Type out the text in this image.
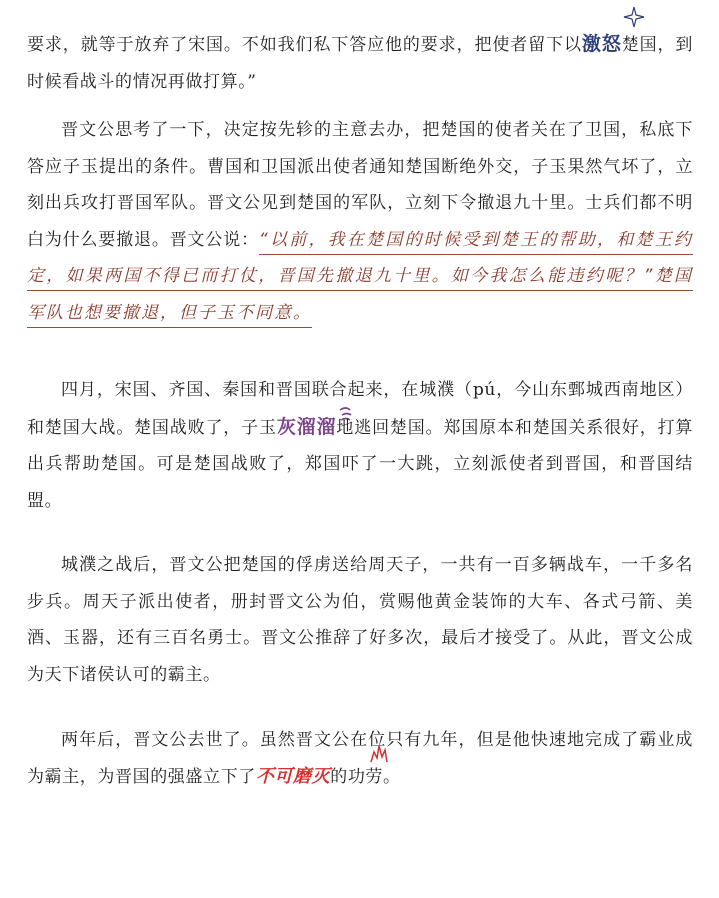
要求，就等于放弃了宋国。不如我们私下答应他的要求，把使者留下以激怒楚国，到时候看战斗的情况再做打算。”

晋文公思考了一下，决定按先轸的主意去办，把楚国的使者关在了卫国，私底下答应子玉提出的条件。曹国和卫国派出使者通知楚国断绝外交，子玉果然气坏了，立刻出兵攻打晋国军队。晋文公见到楚国的军队，立刻下令撤退九十里。士兵们都不明白为什么要撤退。晋文公说：“以前，我在楚国的时候受到楚王的帮助，和楚王约定，如果两国不得已而打仗，晋国先撤退九十里。如今我怎么能违约呢？”楚国军队也想要撤退，但子玉不同意。

四月，宋国、齐国、秦国和晋国联合起来，在城濮（pú，今山东鄄城西南地区）和楚国大战。楚国战败了，子玉灰溜溜地逃回楚国。郑国原本和楚国关系很好，打算出兵帮助楚国。可是楚国战败了，郑国吓了一大跳，立刻派使者到晋国，和晋国结盟。

城濮之战后，晋文公把楚国的俘虏送给周天子，一共有一百多辆战车，一千多名步兵。周天子派出使者，册封晋文公为伯，赏赐他黄金装饰的大车、各式弓箭、美酒、玉器，还有三百名勇士。晋文公推辞了好多次，最后才接受了。从此，晋文公成为天下诸侯认可的霸主。

两年后，晋文公去世了。虽然晋文公在位只有九年，但是他快速地完成了霸业成为霸主，为晋国的强盛立下了不可磨灭的功劳。
